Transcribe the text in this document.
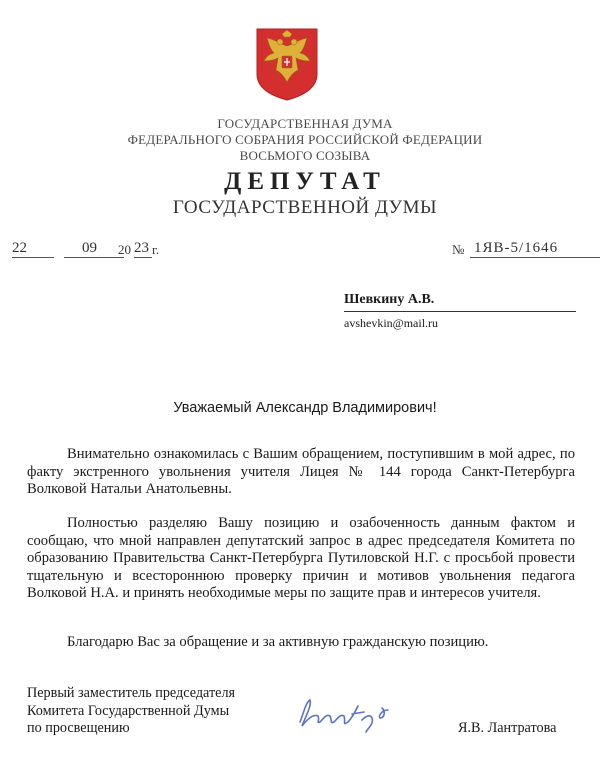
ГОСУДАРСТВЕННАЯ ДУМА
ФЕДЕРАЛЬНОГО СОБРАНИЯ РОССИЙСКОЙ ФЕДЕРАЦИИ
ВОСЬМОГО СОЗЫВА
ДЕПУТАТ
ГОСУДАРСТВЕННОЙ ДУМЫ
22	09 20 23 г.	№ 1ЯВ-5/1646
Шевкину А.В.
avshevkin@mail.ru
Уважаемый Александр Владимирович!
Внимательно ознакомилась с Вашим обращением, поступившим в мой адрес, по факту экстренного увольнения учителя Лицея № 144 города Санкт-Петербурга Волковой Натальи Анатольевны.
Полностью разделяю Вашу позицию и озабоченность данным фактом и сообщаю, что мной направлен депутатский запрос в адрес председателя Комитета по образованию Правительства Санкт-Петербурга Путиловской Н.Г. с просьбой провести тщательную и всестороннюю проверку причин и мотивов увольнения педагога Волковой Н.А. и принять необходимые меры по защите прав и интересов учителя.
Благодарю Вас за обращение и за активную гражданскую позицию.
Первый заместитель председателя
Комитета Государственной Думы
по просвещению	Я.В. Лантратова
